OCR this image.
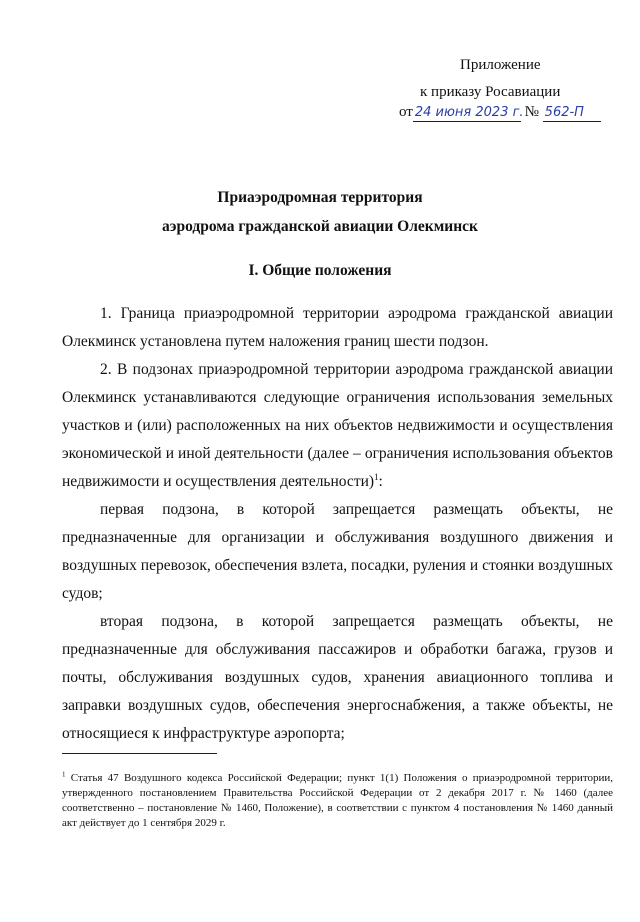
Приложение
к приказу Росавиации
от 24 июня 2023 г. № 562-П
Приаэродромная территория
аэродрома гражданской авиации Олекминск
I. Общие положения

1. Граница приаэродромной территории аэродрома гражданской авиации Олекминск установлена путем наложения границ шести подзон.

2. В подзонах приаэродромной территории аэродрома гражданской авиации Олекминск устанавливаются следующие ограничения использования земельных участков и (или) расположенных на них объектов недвижимости и осуществления экономической и иной деятельности (далее – ограничения использования объектов недвижимости и осуществления деятельности)$^1$:

первая подзона, в которой запрещается размещать объекты, не предназначенные для организации и обслуживания воздушного движения и воздушных перевозок, обеспечения взлета, посадки, руления и стоянки воздушных судов;

вторая подзона, в которой запрещается размещать объекты, не предназначенные для обслуживания пассажиров и обработки багажа, грузов и почты, обслуживания воздушных судов, хранения авиационного топлива и заправки воздушных судов, обеспечения энергоснабжения, а также объекты, не относящиеся к инфраструктуре аэропорта;

$^1$ Статья 47 Воздушного кодекса Российской Федерации; пункт 1(1) Положения о приаэродромной территории, утвержденного постановлением Правительства Российской Федерации от 2 декабря 2017 г. № 1460 (далее соответственно – постановление № 1460, Положение), в соответствии с пунктом 4 постановления № 1460 данный акт действует до 1 сентября 2029 г.
